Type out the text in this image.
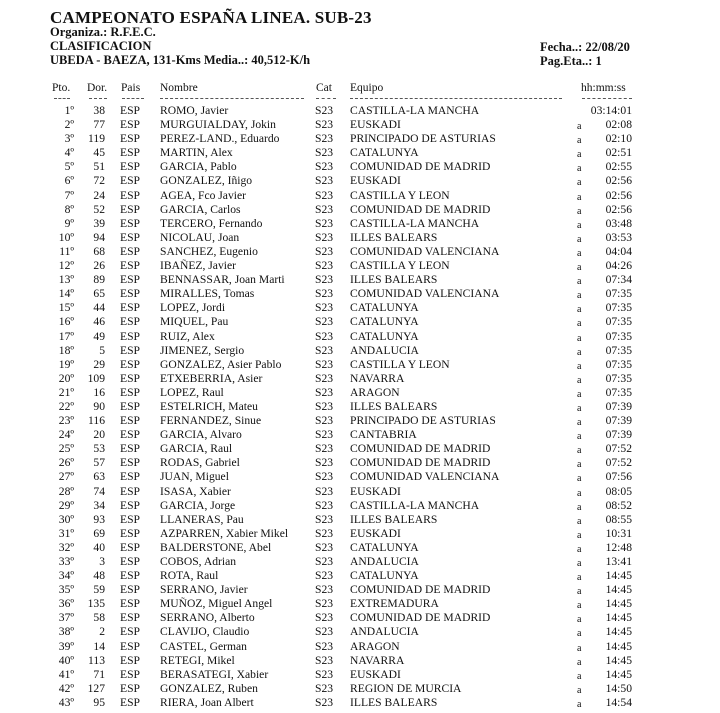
CAMPEONATO ESPAÑA LINEA. SUB-23
Organiza.: R.F.E.C.
CLASIFICACION
UBEDA - BAEZA, 131-Kms Media..: 40,512-K/h
Fecha..: 22/08/20
Pag.Eta..: 1
Pto. Dor. Pais Nombre	Cat Equipo	hh:mm:ss
1º	38 ESP ROMO, Javier	S23 CASTILLA-LA MANCHA	03:14:01
2º	77 ESP MURGUIALDAY, Jokin	S23 EUSKADI	a	02:08
3º	119 ESP PEREZ-LAND., Eduardo	S23 PRINCIPADO DE ASTURIAS	a	02:10
4º	45 ESP MARTIN, Alex	S23 CATALUNYA	a	02:51
5º	51 ESP GARCIA, Pablo	S23 COMUNIDAD DE MADRID	a	02:55
6º	72 ESP GONZALEZ, Iñigo	S23 EUSKADI	a	02:56
7º	24 ESP AGEA, Fco Javier	S23 CASTILLA Y LEON	a	02:56
8º	52 ESP GARCIA, Carlos	S23 COMUNIDAD DE MADRID	a	02:56
9º	39 ESP TERCERO, Fernando	S23 CASTILLA-LA MANCHA	a	03:48
10º	94 ESP NICOLAU, Joan	S23 ILLES BALEARS	a	03:53
11º	68 ESP SANCHEZ, Eugenio	S23 COMUNIDAD VALENCIANA	a	04:04
12º	26 ESP IBAÑEZ, Javier	S23 CASTILLA Y LEON	a	04:26
13º	89 ESP BENNASSAR, Joan Marti	S23 ILLES BALEARS	a	07:34
14º	65 ESP MIRALLES, Tomas	S23 COMUNIDAD VALENCIANA	a	07:35
15º	44 ESP LOPEZ, Jordi	S23 CATALUNYA	a	07:35
16º	46 ESP MIQUEL, Pau	S23 CATALUNYA	a	07:35
17º	49 ESP RUIZ, Alex	S23 CATALUNYA	a	07:35
18º	5 ESP JIMENEZ, Sergio	S23 ANDALUCIA	a	07:35
19º	29 ESP GONZALEZ, Asier Pablo	S23 CASTILLA Y LEON	a	07:35
20º	109 ESP ETXEBERRIA, Asier	S23 NAVARRA	a	07:35
21º	16 ESP LOPEZ, Raul	S23 ARAGON	a	07:35
22º	90 ESP ESTELRICH, Mateu	S23 ILLES BALEARS	a	07:39
23º	116 ESP FERNANDEZ, Sinue	S23 PRINCIPADO DE ASTURIAS	a	07:39
24º	20 ESP GARCIA, Alvaro	S23 CANTABRIA	a	07:39
25º	53 ESP GARCIA, Raul	S23 COMUNIDAD DE MADRID	a	07:52
26º	57 ESP RODAS, Gabriel	S23 COMUNIDAD DE MADRID	a	07:52
27º	63 ESP JUAN, Miguel	S23 COMUNIDAD VALENCIANA	a	07:56
28º	74 ESP ISASA, Xabier	S23 EUSKADI	a	08:05
29º	34 ESP GARCIA, Jorge	S23 CASTILLA-LA MANCHA	a	08:52
30º	93 ESP LLANERAS, Pau	S23 ILLES BALEARS	a	08:55
31º	69 ESP AZPARREN, Xabier Mikel S23 EUSKADI	a	10:31
32º	40 ESP BALDERSTONE, Abel	S23 CATALUNYA	a	12:48
33º	3 ESP COBOS, Adrian	S23 ANDALUCIA	a	13:41
34º	48 ESP ROTA, Raul	S23 CATALUNYA	a	14:45
35º	59 ESP SERRANO, Javier	S23 COMUNIDAD DE MADRID	a	14:45
36º	135 ESP MUÑOZ, Miguel Angel	S23 EXTREMADURA	a	14:45
37º	58 ESP SERRANO, Alberto	S23 COMUNIDAD DE MADRID	a	14:45
38º	2 ESP CLAVIJO, Claudio	S23 ANDALUCIA	a	14:45
39º	14 ESP CASTEL, German	S23 ARAGON	a	14:45
40º	113 ESP RETEGI, Mikel	S23 NAVARRA	a	14:45
41º	71 ESP BERASATEGI, Xabier	S23 EUSKADI	a	14:45
42º	127 ESP GONZALEZ, Ruben	S23 REGION DE MURCIA	a	14:50
43º	95 ESP RIERA, Joan Albert	S23 ILLES BALEARS	a	14:54
